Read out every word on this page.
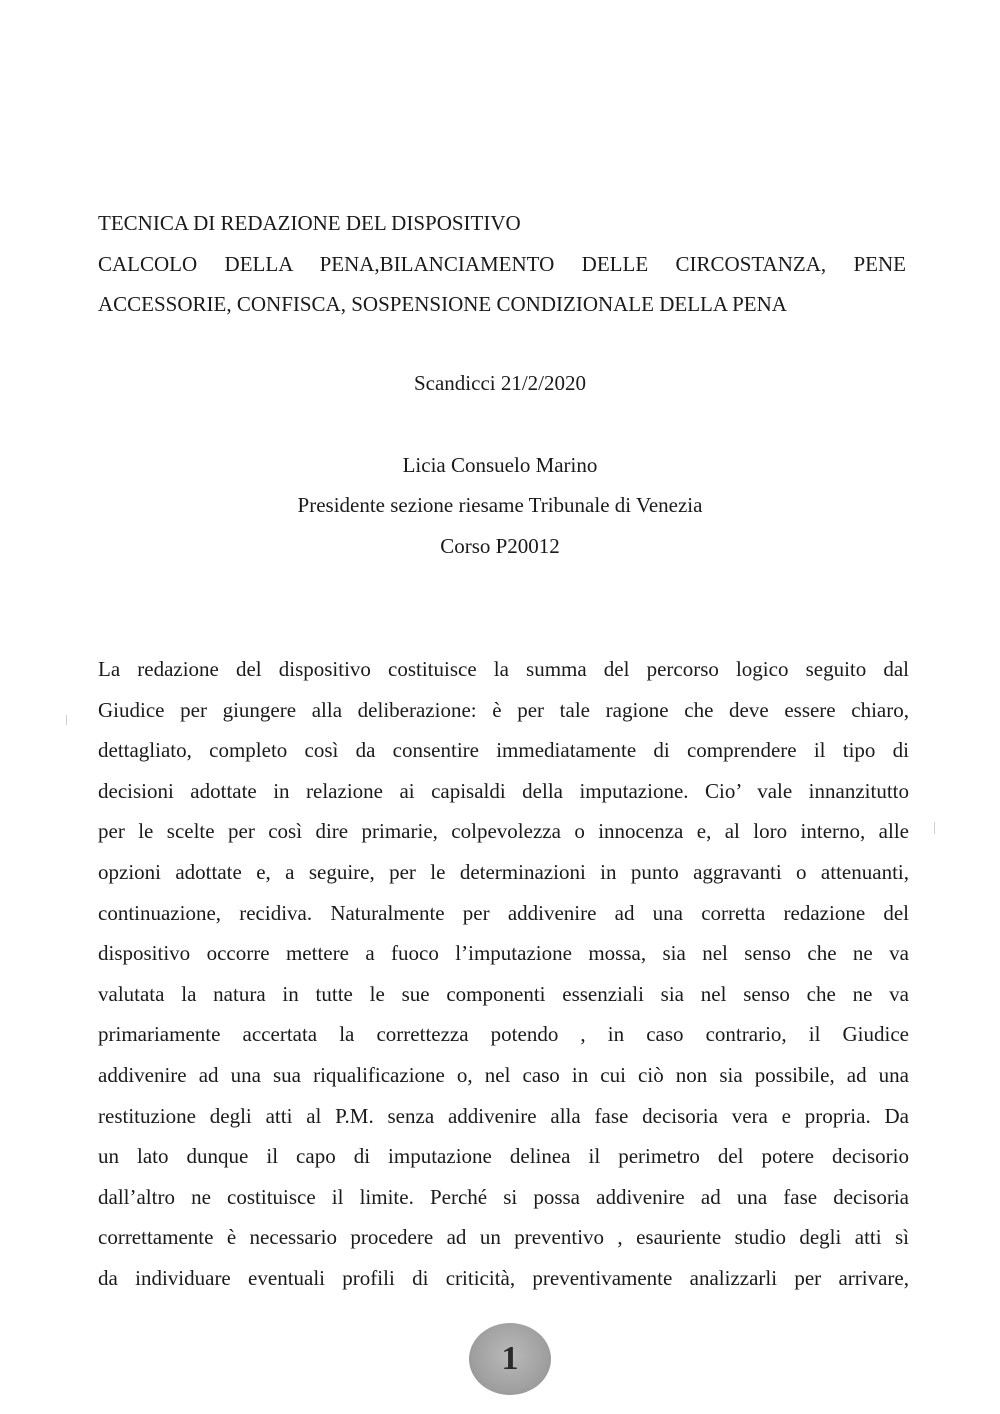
TECNICA DI REDAZIONE DEL DISPOSITIVO
CALCOLO DELLA PENA,BILANCIAMENTO DELLE CIRCOSTANZA, PENE
ACCESSORIE, CONFISCA, SOSPENSIONE CONDIZIONALE DELLA PENA
Scandicci 21/2/2020
Licia Consuelo Marino
Presidente sezione riesame Tribunale di Venezia
Corso P20012
La redazione del dispositivo costituisce la summa del percorso logico seguito dal
Giudice per giungere alla deliberazione: è per tale ragione che deve essere chiaro,
dettagliato, completo così da consentire immediatamente di comprendere il tipo di
decisioni adottate in relazione ai capisaldi della imputazione. Cio’ vale innanzitutto
per le scelte per così dire primarie, colpevolezza o innocenza e, al loro interno, alle
opzioni adottate e, a seguire, per le determinazioni in punto aggravanti o attenuanti,
continuazione, recidiva. Naturalmente per addivenire ad una corretta redazione del
dispositivo occorre mettere a fuoco l’imputazione mossa, sia nel senso che ne va
valutata la natura in tutte le sue componenti essenziali sia nel senso che ne va
primariamente accertata la correttezza potendo , in caso contrario, il Giudice
addivenire ad una sua riqualificazione o, nel caso in cui ciò non sia possibile, ad una
restituzione degli atti al P.M. senza addivenire alla fase decisoria vera e propria. Da
un lato dunque il capo di imputazione delinea il perimetro del potere decisorio
dall’altro ne costituisce il limite. Perché si possa addivenire ad una fase decisoria
correttamente è necessario procedere ad un preventivo , esauriente studio degli atti sì
da individuare eventuali profili di criticità, preventivamente analizzarli per arrivare,
1
